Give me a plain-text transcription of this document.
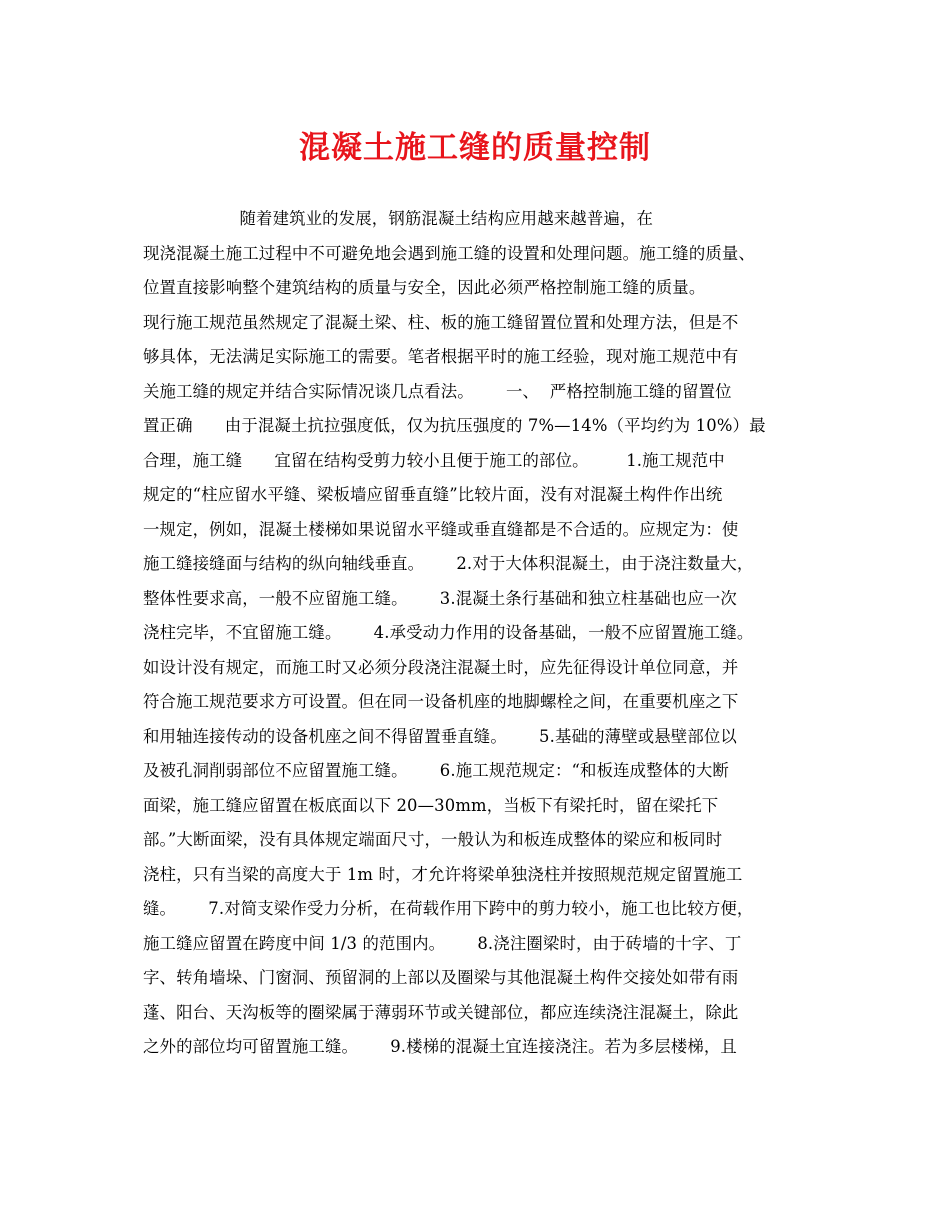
混凝土施工缝的质量控制
随着建筑业的发展，钢筋混凝土结构应用越来越普遍，在
现浇混凝土施工过程中不可避免地会遇到施工缝的设置和处理问题。施工缝的质量、
位置直接影响整个建筑结构的质量与安全，因此必须严格控制施工缝的质量。
现行施工规范虽然规定了混凝土梁、柱、板的施工缝留置位置和处理方法，但是不
够具体，无法满足实际施工的需要。笔者根据平时的施工经验，现对施工规范中有
关施工缝的规定并结合实际情况谈几点看法。      一、  严格控制施工缝的留置位
置正确      由于混凝土抗拉强度低，仅为抗压强度的 7%—14%（平均约为 10%）最
合理，施工缝      宜留在结构受剪力较小且便于施工的部位。       1.施工规范中
规定的“柱应留水平缝、梁板墙应留垂直缝”比较片面，没有对混凝土构件作出统
一规定，例如，混凝土楼梯如果说留水平缝或垂直缝都是不合适的。应规定为：使
施工缝接缝面与结构的纵向轴线垂直。      2.对于大体积混凝土，由于浇注数量大，
整体性要求高，一般不应留施工缝。      3.混凝土条行基础和独立柱基础也应一次
浇柱完毕，不宜留施工缝。      4.承受动力作用的设备基础，一般不应留置施工缝。
如设计没有规定，而施工时又必须分段浇注混凝土时，应先征得设计单位同意，并
符合施工规范要求方可设置。但在同一设备机座的地脚螺栓之间，在重要机座之下
和用轴连接传动的设备机座之间不得留置垂直缝。      5.基础的薄壁或悬壁部位以
及被孔洞削弱部位不应留置施工缝。      6.施工规范规定：“和板连成整体的大断
面梁，施工缝应留置在板底面以下 20—30mm，当板下有梁托时，留在梁托下
部。”大断面梁，没有具体规定端面尺寸，一般认为和板连成整体的梁应和板同时
浇柱，只有当梁的高度大于 1m 时，才允许将梁单独浇柱并按照规范规定留置施工
缝。      7.对简支梁作受力分析，在荷载作用下跨中的剪力较小，施工也比较方便，
施工缝应留置在跨度中间 1/3 的范围内。      8.浇注圈梁时，由于砖墙的十字、丁
字、转角墙垛、门窗洞、预留洞的上部以及圈梁与其他混凝土构件交接处如带有雨
蓬、阳台、天沟板等的圈梁属于薄弱环节或关键部位，都应连续浇注混凝土，除此
之外的部位均可留置施工缝。      9.楼梯的混凝土宜连接浇注。若为多层楼梯，且
